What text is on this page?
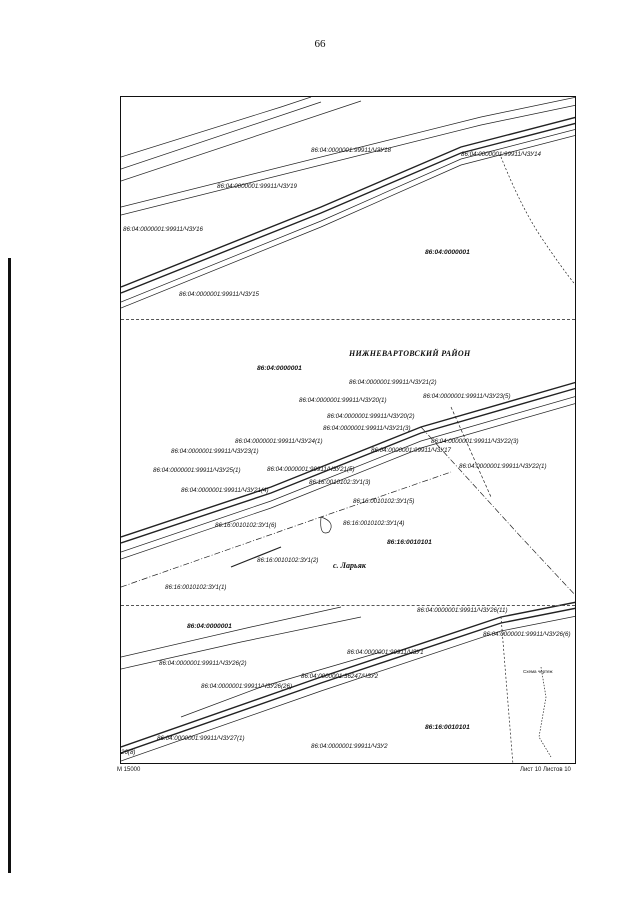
66
86:04:0000001:99911/ЧЗУ18
86:04:0000001:99911/ЧЗУ14
86:04:0000001:99911/ЧЗУ19
86:04:0000001:99911/ЧЗУ16
86:04:0000001:99911/ЧЗУ15
86:04:0000001
НИЖНЕВАРТОВСКИЙ РАЙОН
86:04:0000001
86:04:0000001:99911/ЧЗУ21(2)
86:04:0000001:99911/ЧЗУ20(1)
86:04:0000001:99911/ЧЗУ23(5)
86:04:0000001:99911/ЧЗУ20(2)
86:04:0000001:99911/ЧЗУ21(3)
86:04:0000001:99911/ЧЗУ24(1)	86:04:0000001:99911/ЧЗУ22(3)
86:04:0000001:99911/ЧЗУ23(1)	86:04:0000001:99911/ЧЗУ17
86:04:0000001:99911/ЧЗУ25(1)	86:04:0000001:99911/ЧЗУ21(5)	86:04:0000001:99911/ЧЗУ22(1)
86:16:0010102:ЗУ1(3)
86:04:0000001:99911/ЧЗУ21(4)
86:16:0010102:ЗУ1(5)
86:16:0010102:ЗУ1(6)	86:16:0010102:ЗУ1(4)
86:16:0010101
86:16:0010102:ЗУ1(2)
с. Ларьяк
86:16:0010102:ЗУ1(1)
86:04:0000001:99911/ЧЗУ26(11)
86:04:0000001
86:04:0000001:99911/ЧЗУ26(6)
86:04:0000001:99911/ЧЗУ26(2)
86:04:0000001:99911/ЧЗУ1
86:04:0000001:99911/ЧЗУ26(26)
86:04:0000001:36247/ЧЗУ2
Схема чертеж
86:16:0010101
86:04:0000001:99911/ЧЗУ27(1)
86:04:0000001:99911/ЧЗУ2
26(8)
М 15000	Лист 10 Листов 10
